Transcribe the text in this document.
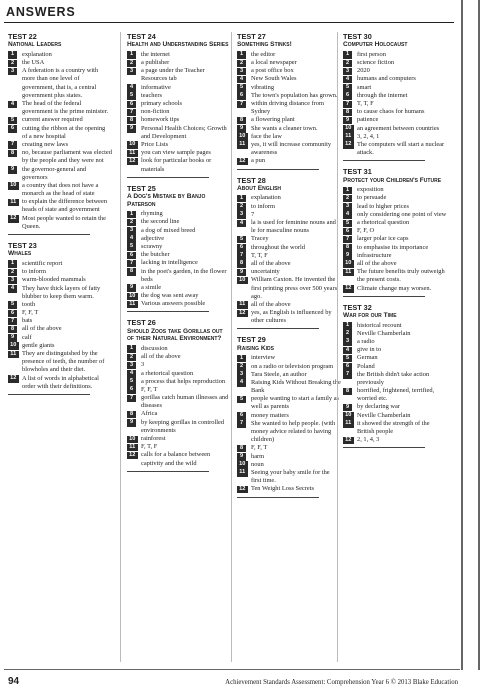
ANSWERS
TEST 22
National Leaders
1	explanation
2	the USA
3	A federation is a country with more than one level of government, that is, a central government plus states.
4	The head of the federal government is the prime minister.
5	current answer required
6	cutting the ribbon at the opening of a new hospital
7	creating new laws
8	no, because parliament was elected by the people and they were not
9	the governor-general and governors
10 a country that does not have a monarch as the head of state
11 to explain the difference between heads of state and government
12 Most people wanted to retain the Queen.
TEST 23
Whales
1	scientific report
2	to inform
3	warm-blooded mammals
4	They have thick layers of fatty blubber to keep them warm.
5	tooth
6	F, F, T
7	bats
8	all of the above
9	calf
10 gentle giants
11 They are distinguished by the presence of teeth, the number of blowholes and their diet.
12 A list of words in alphabetical order with their definitions.
TEST 24
Health and Understanding Series
1	the internet
2	a publisher
3	a page under the Teacher Resources tab
4	informative
5	teachers
6	primary schools
7	non-fiction
8	homework tips
9	Personal Health Choices; Growth and Development
10 Price Lists
11 you can view sample pages
12 look for particular books or materials
TEST 25
A Dog's Mistake by Banjo Paterson
1	rhyming
2	the second line
3	a dog of mixed breed
4	adjective
5	scrawny
6	the butcher
7	lacking in intelligence
8	in the poet's garden, in the flower beds
9	a simile
10 the dog was sent away
11 Various answers possible
TEST 26
Should Zoos take Gorillas out of their Natural Environment?
1	discussion
2	all of the above
3	3
4	a rhetorical question
5	a process that helps reproduction
6	F, F, T
7	gorillas catch human illnesses and diseases
8	Africa
9	by keeping gorillas in controlled environments
10 rainforest
11 F, T, F
12 calls for a balance between captivity and the wild
TEST 27
Something Stinks!
1	the editor
2	a local newspaper
3	a post office box
4	New South Wales
5	vibrating
6	The town's population has grown.
7	within driving distance from Sydney
8	a flowering plant
9	She wants a cleaner town.
10 face the law
11 yes, it will increase community awareness
12 a pun
TEST 28
About English
1	explanation
2	to inform
3	7
4	la is used for feminine nouns and le for masculine nouns
5	Tracey
6	throughout the world
7	T, T, F
8	all of the above
9	uncertainty
10 William Caxton. He invented the first printing press over 500 years ago.
11 all of the above
12 yes, as English is influenced by other cultures
TEST 29
Raising Kids
1	interview
2	on a radio or television program
3	Tara Steele, an author
4	Raising Kids Without Breaking the Bank
5	people wanting to start a family as well as parents
6	money matters
7	She wanted to help people. (with money advice related to having children)
8	F, F, T
9	harm
10 noun
11 Seeing your baby smile for the first time.
12 Ten Weight Loss Secrets
TEST 30
Computer Holocaust
1	first person
2	science fiction
3	2020
4	humans and computers
5	smart
6	through the internet
7	T, T, F
8	to cause chaos for humans
9	patience
10 an agreement between countries
11 3, 2, 4, 1
12 The computers will start a nuclear attack.
TEST 31
Protect your Children's Future
1	exposition
2	to persuade
3	lead to higher prices
4	only considering one point of view
5	a rhetorical question
6	F, F, O
7	larger polar ice caps
8	to emphasise its importance
9	infrastructure
10 all of the above
11 The future benefits truly outweigh the present costs.
12 Climate change may worsen.
TEST 32
War for our Time
1	historical recount
2	Neville Chamberlain
3	a radio
4	give in to
5	German
6	Poland
7	the British didn't take action previously
8	horrified, frightened, terrified, worried etc.
9	by declaring war
10 Neville Chamberlain
11 it showed the strength of the British people
12 2, 1, 4, 3
94	Achievement Standards Assessment: Comprehension Year 6 © 2013 Blake Education
